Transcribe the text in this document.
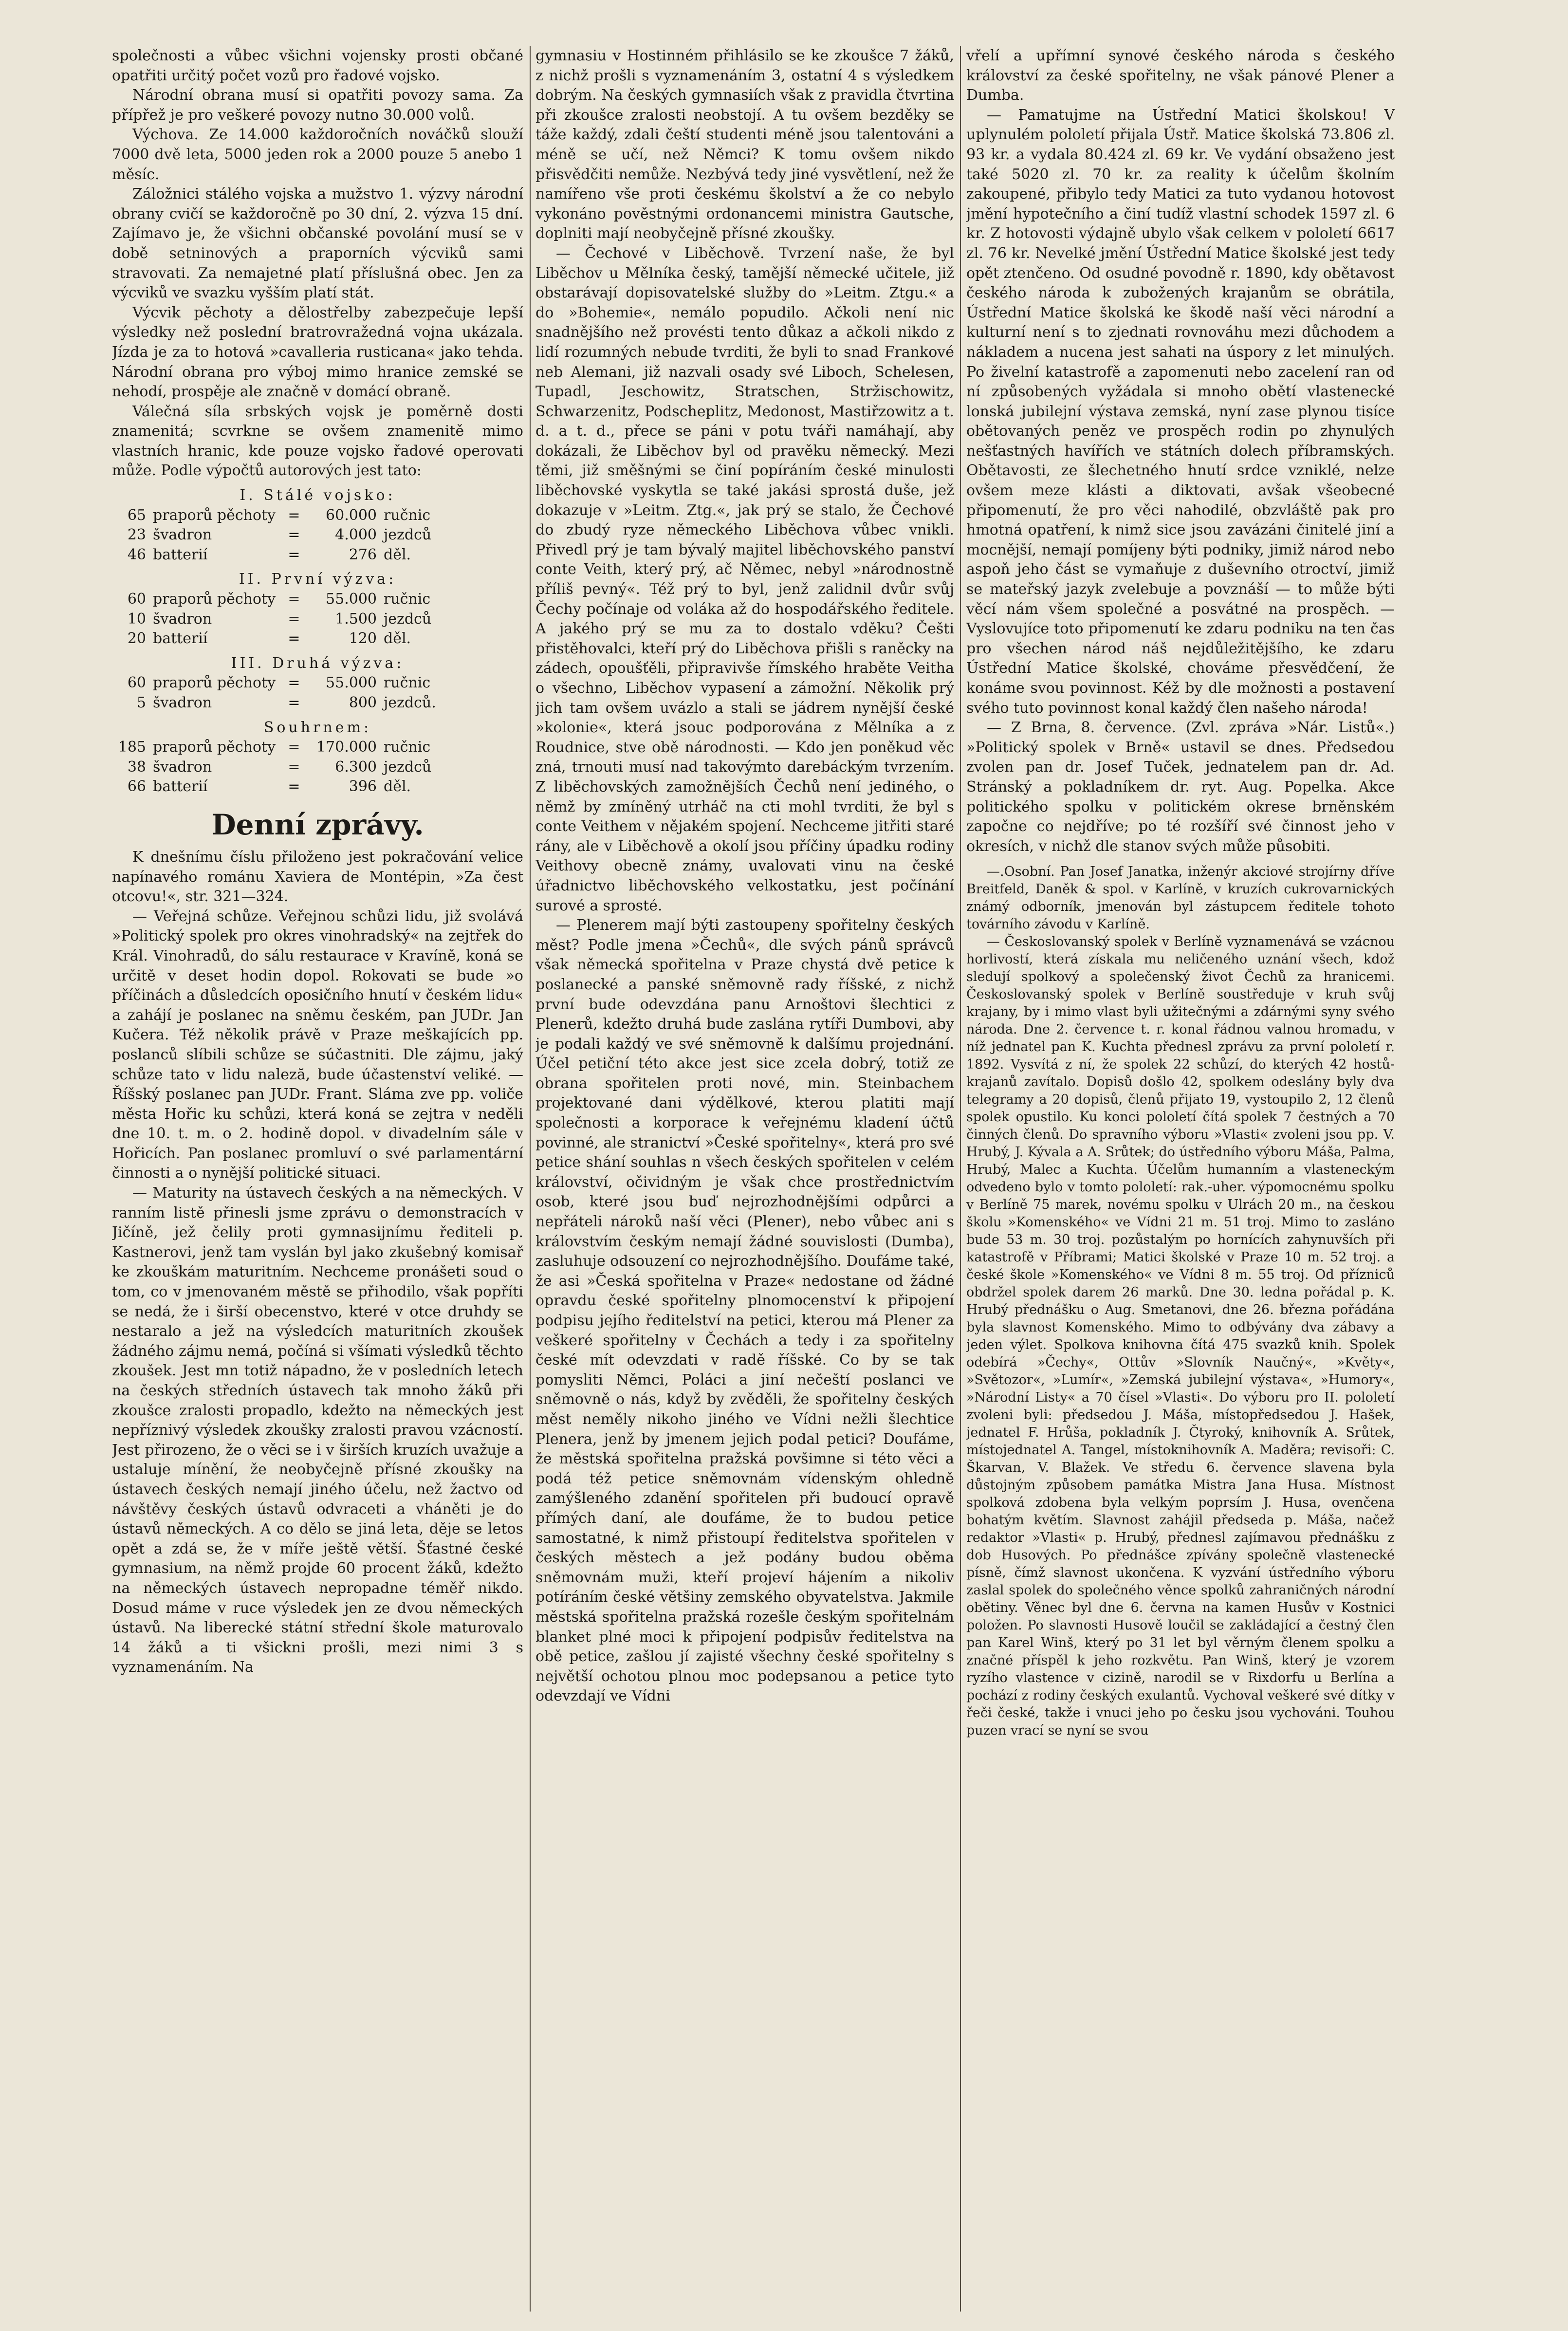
společnosti a vůbec všichni vojensky prosti občané opatřiti určitý počet vozů pro řadové vojsko.

Národní obrana musí si opatřiti povozy sama. Za přípřež je pro veškeré povozy nutno 30.000 volů.

Výchova. Ze 14.000 každoročních nováčků slouží 7000 dvě leta, 5000 jeden rok a 2000 pouze 5 anebo 1 měsíc.

Záložnici stálého vojska a mužstvo 1. výzvy národní obrany cvičí se každoročně po 30 dní, 2. výzva 15 dní. Zajímavo je, že všichni občanské povolání musí se v době setninových a praporních výcviků sami stravovati. Za nemajetné platí příslušná obec. Jen za výcviků ve svazku vyšším platí stát.

Výcvik pěchoty a dělostřelby zabezpečuje lepší výsledky než poslední bratrovražedná vojna ukázala. Jízda je za to hotová »cavalleria rusticana« jako tehda. Národní obrana pro výboj mimo hranice zemské se nehodí, prospěje ale značně v domácí obraně.

Válečná síla srbských vojsk je poměrně dosti znamenitá; scvrkne se ovšem znamenitě mimo vlastních hranic, kde pouze vojsko řadové operovati může. Podle výpočtů autorových jest tato:

I. Stálé vojsko:
65	praporů pěchoty	=	60.000	ručnic
23	švadron	=	4.000	jezdců
46	batterií	=	276	děl.
II. První výzva:
60	praporů pěchoty	=	55.000	ručnic
10	švadron	=	1.500	jezdců
20	batterií	=	120	děl.
III. Druhá výzva:
60	praporů pěchoty	=	55.000	ručnic
5	švadron	=	800	jezdců.
Souhrnem:
185	praporů pěchoty	=	170.000	ručnic
38	švadron	=	6.300	jezdců
66	batterií	=	396	děl.
Denní zprávy.

K dnešnímu číslu přiloženo jest pokračování velice napínavého románu Xaviera de Montépin, »Za čest otcovu!«, str. 321—324.

— Veřejná schůze. Veřejnou schůzi lidu, již svolává »Politický spolek pro okres vinohradský« na zejtřek do Král. Vinohradů, do sálu restaurace v Kravíně, koná se určitě v deset hodin dopol. Rokovati se bude »o příčinách a důsledcích oposičního hnutí v českém lidu« a zahájí je poslanec na sněmu českém, pan JUDr. Jan Kučera. Též několik právě v Praze meškajících pp. poslanců slíbili schůze se súčastniti. Dle zájmu, jaký schůze tato v lidu naleză, bude účastenství veliké. — Říšský poslanec pan JUDr. Frant. Sláma zve pp. voliče města Hořic ku schůzi, která koná se zejtra v neděli dne 10. t. m. o 2. hodině dopol. v divadelním sále v Hořicích. Pan poslanec promluví o své parlamentární činnosti a o nynější politické situaci.

— Maturity na ústavech českých a na německých. V ranním listě přinesli jsme zprávu o demonstracích v Jičíně, jež čelily proti gymnasijnímu řediteli p. Kastnerovi, jenž tam vyslán byl jako zkušebný komisař ke zkouškám maturitním. Nechceme pronášeti soud o tom, co v jmenovaném městě se přihodilo, však popříti se nedá, že i širší obecenstvo, které v otce druhdy se nestaralo a jež na výsledcích maturitních zkoušek žádného zájmu nemá, počíná si všímati výsledků těchto zkoušek. Jest mn totiž nápadno, že v posledních letech na českých středních ústavech tak mnoho žáků při zkoušce zralosti propadlo, kdežto na německých jest nepříznivý výsledek zkoušky zralosti pravou vzácností. Jest přirozeno, že o věci se i v širších kruzích uvažuje a ustaluje mínění, že neobyčejně přísné zkoušky na ústavech českých nemají jiného účelu, než žactvo od návštěvy českých ústavů odvraceti a vháněti je do ústavů německých. A co dělo se jiná leta, děje se letos opět a zdá se, že v míře ještě větší. Šťastné české gymnasium, na němž projde 60 procent žáků, kdežto na německých ústavech nepropadne téměř nikdo. Dosud máme v ruce výsledek jen ze dvou německých ústavů. Na liberecké státní střední škole maturovalo 14 žáků a ti všickni prošli, mezi nimi 3 s vyznamenáním. Na

gymnasiu v Hostinném přihlásilo se ke zkoušce 7 žáků, z nichž prošli s vyznamenáním 3, ostatní 4 s výsledkem dobrým. Na českých gymnasiích však z pravidla čtvrtina při zkoušce zralosti neobstojí. A tu ovšem bezděky se táže každý, zdali čeští studenti méně jsou talentováni a méně se učí, než Němci? K tomu ovšem nikdo přisvědčiti nemůže. Nezbývá tedy jiné vysvětlení, než že namířeno vše proti českému školství a že co nebylo vykonáno pověstnými ordonancemi ministra Gautsche, doplniti mají neobyčejně přísné zkoušky.

— Čechové v Liběchově. Tvrzení naše, že byl Liběchov u Mělníka český, tamější německé učitele, již obstarávají dopisovatelské služby do »Leitm. Ztgu.« a do »Bohemie«, nemálo popudilo. Ačkoli není nic snadnějšího než provésti tento důkaz a ačkoli nikdo z lidí rozumných nebude tvrditi, že byli to snad Frankové neb Alemani, již nazvali osady své Liboch, Schelesen, Tupadl, Jeschowitz, Stratschen, Stržischowitz, Schwarzenitz, Podscheplitz, Medonost, Mastiřzowitz a t. d. a t. d., přece se páni v potu tváři namáhají, aby dokázali, že Liběchov byl od pravěku německý. Mezi těmi, již směšnými se činí popíráním české minulosti liběchovské vyskytla se také jakási sprostá duše, jež dokazuje v »Leitm. Ztg.«, jak prý se stalo, že Čechové do zbudý ryze německého Liběchova vůbec vnikli. Přivedl prý je tam bývalý majitel liběchovského panství conte Veith, který prý, ač Němec, nebyl »národnostně příliš pevný«. Též prý to byl, jenž zalidnil dvůr svůj Čechy počínaje od voláka až do hospodářského ředitele. A jakého prý se mu za to dostalo vděku? Češti přistěhovalci, kteří prý do Liběchova přišli s raněcky na zádech, opoušťěli, připravivše římského hraběte Veitha o všechno, Liběchov vypasení a zámožní. Několik prý jich tam ovšem uvázlo a stali se jádrem nynější české »kolonie«, která jsouc podporována z Mělníka a z Roudnice, stve obě národnosti. — Kdo jen poněkud věc zná, trnouti musí nad takovýmto darebáckým tvrzením. Z liběchovských zamožnějších Čechů není jediného, o němž by zmíněný utrháč na cti mohl tvrditi, že byl s conte Veithem v nějakém spojení. Nechceme jitřiti staré rány, ale v Liběchově a okolí jsou příčiny úpadku rodiny Veithovy obecně známy, uvalovati vinu na české úřadnictvo liběchovského velkostatku, jest počínání surové a sprosté.

— Plenerem mají býti zastoupeny spořitelny českých měst? Podle jmena »Čechů«, dle svých pánů správců však německá spořitelna v Praze chystá dvě petice k poslanecké a panské sněmovně rady říšské, z nichž první bude odevzdána panu Arnoštovi šlechtici z Plenerů, kdežto druhá bude zaslána rytíři Dumbovi, aby je podali každý ve své sněmovně k dalšímu projednání. Účel petiční této akce jest sice zcela dobrý, totiž ze obrana spořitelen proti nové, min. Steinbachem projektované dani výdělkové, kterou platiti mají společnosti a korporace k veřejnému kladení účtů povinné, ale stranictví »České spořitelny«, která pro své petice shání souhlas n všech českých spořitelen v celém království, očividným je však chce prostřednictvím osob, které jsou buď nejrozhodnějšími odpůrci a nepřáteli nároků naší věci (Plener), nebo vůbec ani s královstvím českým nemají žádné souvislosti (Dumba), zasluhuje odsouzení co nejrozhodnějšího. Doufáme také, že asi »Česká spořitelna v Praze« nedostane od žádné opravdu české spořitelny plnomocenství k připojení podpisu jejího ředitelství na petici, kterou má Plener za veškeré spořitelny v Čechách a tedy i za spořitelny české mít odevzdati v radě říšské. Co by se tak pomysliti Němci, Poláci a jiní nečeští poslanci ve sněmovně o nás, když by zvěděli, že spořitelny českých měst neměly nikoho jiného ve Vídni nežli šlechtice Plenera, jenž by jmenem jejich podal petici? Doufáme, že městská spořitelna pražská povšimne si této věci a podá též petice sněmovnám vídenským ohledně zamýšleného zdanění spořitelen při budoucí opravě přímých daní, ale doufáme, že to budou petice samostatné, k nimž přistoupí ředitelstva spořitelen v českých městech a jež podány budou oběma sněmovnám muži, kteří projeví hájením a nikoliv potíráním české většiny zemského obyvatelstva. Jakmile městská spořitelna pražská rozešle českým spořitelnám blanket plné moci k připojení podpisův ředitelstva na obě petice, zašlou jí zajisté všechny české spořitelny s největší ochotou plnou moc podepsanou a petice tyto odevzdají ve Vídni

vřelí a upřímní synové českého národa s českého království za české spořitelny, ne však pánové Plener a Dumba.

— Pamatujme na Ústřední Matici školskou! V uplynulém pololetí přijala Ústř. Matice školská 73.806 zl. 93 kr. a vydala 80.424 zl. 69 kr. Ve vydání obsaženo jest také 5020 zl. 70 kr. za reality k účelům školním zakoupené, přibylo tedy Matici za tuto vydanou hotovost jmění hypotečního a činí tudíž vlastní schodek 1597 zl. 6 kr. Z hotovosti výdajně ubylo však celkem v pololetí 6617 zl. 76 kr. Nevelké jmění Ústřední Matice školské jest tedy opět ztenčeno. Od osudné povodně r. 1890, kdy obětavost českého národa k zubožených krajanům se obrátila, Ústřední Matice školská ke škodě naší věci národní a kulturní není s to zjednati rovnováhu mezi důchodem a nákladem a nucena jest sahati na úspory z let minulých. Po živelní katastrofě a zapomenuti nebo zacelení ran od ní způsobených vyžádala si mnoho obětí vlastenecké lonská jubilejní výstava zemská, nyní zase plynou tisíce obětovaných peněz ve prospěch rodin po zhynulých nešťastných havířích ve státních dolech příbramských. Obětavosti, ze šlechetného hnutí srdce vzniklé, nelze ovšem meze klásti a diktovati, avšak všeobecné připomenutí, že pro věci nahodilé, obzvláště pak pro hmotná opatření, k nimž sice jsou zavázáni činitelé jiní a mocnější, nemají pomíjeny býti podniky, jimiž národ nebo aspoň jeho část se vymaňuje z duševního otroctví, jimiž se mateřský jazyk zvelebuje a povznáší — to může býti věcí nám všem společné a posvátné na prospěch. — Vyslovujíce toto připomenutí ke zdaru podniku na ten čas pro všechen národ náš nejdůležitějšího, ke zdaru Ústřední Matice školské, chováme přesvědčení, že konáme svou povinnost. Kéž by dle možnosti a postavení svého tuto povinnost konal každý člen našeho národa!

— Z Brna, 8. července. (Zvl. zpráva »Nár. Listů«.) »Politický spolek v Brně« ustavil se dnes. Předsedou zvolen pan dr. Josef Tuček, jednatelem pan dr. Ad. Stránský a pokladníkem dr. ryt. Aug. Popelka. Akce politického spolku v politickém okrese brněnském započne co nejdříve; po té rozšíří své činnost jeho v okresích, v nichž dle stanov svých může působiti.

—.Osobní. Pan Josef Janatka, inženýr akciové strojírny dříve Breitfeld, Daněk & spol. v Karlíně, v kruzích cukrovarnických známý odborník, jmenován byl zástupcem ředitele tohoto továrního závodu v Karlíně.

— Českoslovanský spolek v Berlíně vyznamenává se vzácnou horlivostí, která získala mu neličeného uznání všech, kdož sledují spolkový a společenský život Čechů za hranicemi. Českoslovanský spolek v Berlíně soustředuje v kruh svůj krajany, by i mimo vlast byli užitečnými a zdárnými syny svého národa. Dne 2. července t. r. konal řádnou valnou hromadu, v níž jednatel pan K. Kuchta přednesl zprávu za první pololetí r. 1892. Vysvítá z ní, že spolek 22 schůzí, do kterých 42 hostů-krajanů zavítalo. Dopisů došlo 42, spolkem odeslány byly dva telegramy a 20 dopisů, členů přijato 19, vystoupilo 2, 12 členů spolek opustilo. Ku konci pololetí čítá spolek 7 čestných a 70 činných členů. Do spravního výboru »Vlasti« zvoleni jsou pp. V. Hrubý, J. Kývala a A. Srůtek; do ústředního výboru Máša, Palma, Hrubý, Malec a Kuchta. Účelům humanním a vlasteneckým odvedeno bylo v tomto pololetí: rak.-uher. výpomocnému spolku v Berlíně 75 marek, novému spolku v Ulrách 20 m., na českou školu »Komenského« ve Vídni 21 m. 51 troj. Mimo to zasláno bude 53 m. 30 troj. pozůstalým po hornících zahynuvších při katastrofě v Příbrami; Matici školské v Praze 10 m. 52 troj. a české škole »Komenského« ve Vídni 8 m. 55 troj. Od přízniců obdržel spolek darem 26 marků. Dne 30. ledna pořádal p. K. Hrubý přednášku o Aug. Smetanovi, dne 26. března pořádána byla slavnost Komenského. Mimo to odbývány dva zábavy a jeden výlet. Spolkova knihovna čítá 475 svazků knih. Spolek odebírá »Čechy«, Ottův »Slovník Naučný«, »Květy«, »Světozor«, »Lumír«, »Zemská jubilejní výstava«, »Humory«, »Národní Listy« a 70 čísel »Vlasti«. Do výboru pro II. pololetí zvoleni byli: předsedou J. Máša, místopředsedou J. Hašek, jednatel F. Hrůša, pokladník J. Čtyroký, knihovník A. Srůtek, místojednatel A. Tangel, místoknihovník A. Maděra; revisoři: C. Škarvan, V. Blažek. Ve středu 6. července slavena byla důstojným způsobem památka Mistra Jana Husa. Místnost spolková zdobena byla velkým poprsím J. Husa, ovenčena bohatým květím. Slavnost zahájil předseda p. Máša, načež redaktor »Vlasti« p. Hrubý, přednesl zajímavou přednášku z dob Husových. Po přednášce zpívány společně vlastenecké písně, čímž slavnost ukončena. K vyzvání ústředního výboru zaslal spolek do společného věnce spolků zahraničných národní obětiny. Věnec byl dne 6. června na kamen Husův v Kostnici položen. Po slavnosti Husově loučil se zakládající a čestný člen pan Karel Winš, který po 31 let byl věrným členem spolku a značné příspěl k jeho rozkvětu. Pan Winš, který je vzorem ryzího vlastence v cizině, narodil se v Rixdorfu u Berlína a pochází z rodiny českých exulantů. Vychoval veškeré své dítky v řeči české, takže i vnuci jeho po česku jsou vychováni. Touhou puzen vrací se nyní se svou
